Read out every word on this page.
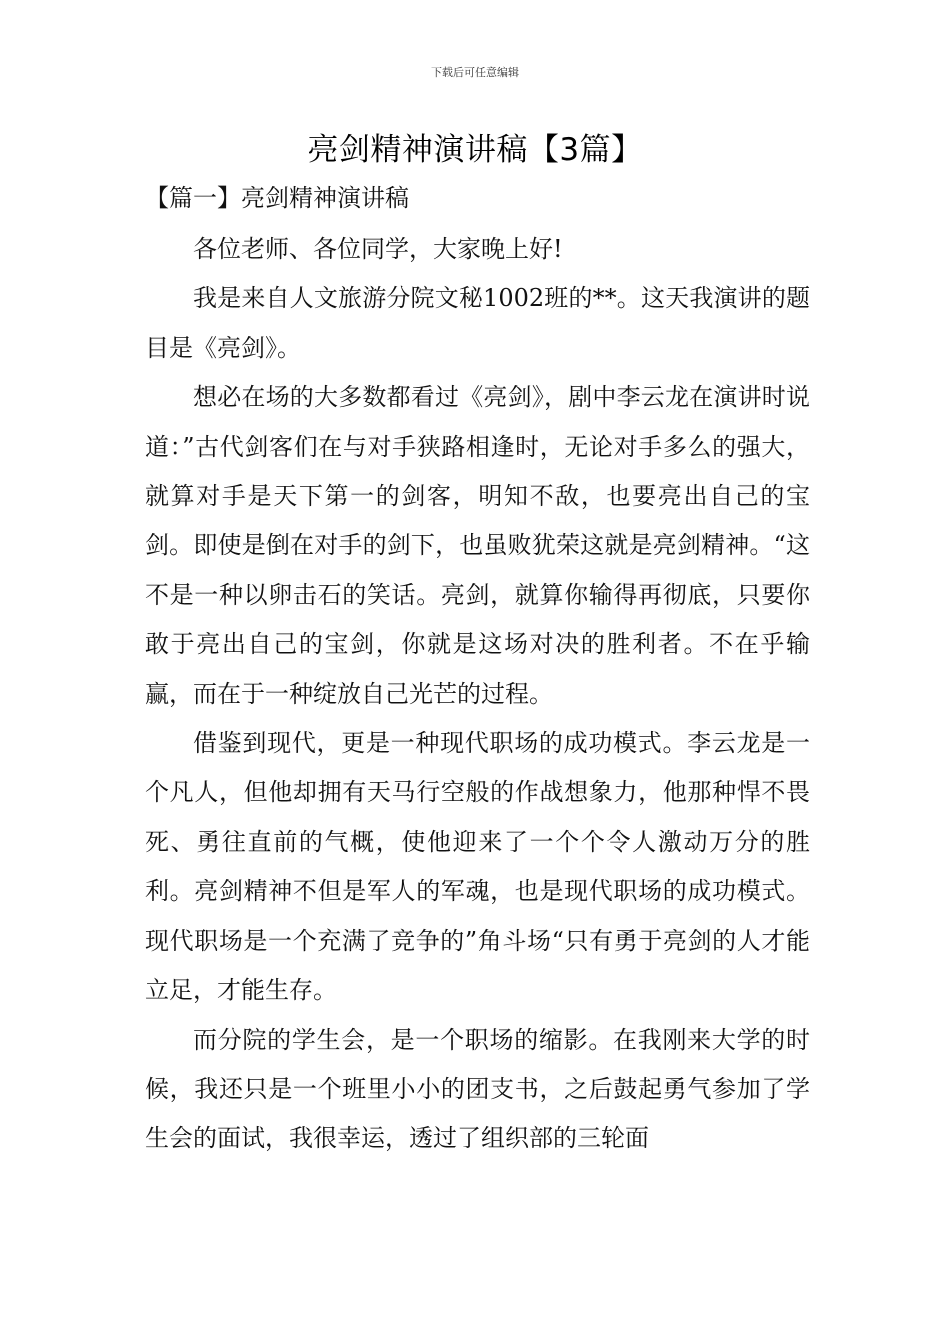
下载后可任意编辑
亮剑精神演讲稿【3篇】
【篇一】亮剑精神演讲稿

各位老师、各位同学，大家晚上好!

我是来自人文旅游分院文秘1002班的**。这天我演讲的题目是《亮剑》。

想必在场的大多数都看过《亮剑》，剧中李云龙在演讲时说道：”古代剑客们在与对手狭路相逢时，无论对手多么的强大，就算对手是天下第一的剑客，明知不敌，也要亮出自己的宝剑。即使是倒在对手的剑下，也虽败犹荣这就是亮剑精神。“这不是一种以卵击石的笑话。亮剑，就算你输得再彻底，只要你敢于亮出自己的宝剑，你就是这场对决的胜利者。不在乎输赢，而在于一种绽放自己光芒的过程。

借鉴到现代，更是一种现代职场的成功模式。李云龙是一个凡人，但他却拥有天马行空般的作战想象力，他那种悍不畏死、勇往直前的气概，使他迎来了一个个令人激动万分的胜利。亮剑精神不但是军人的军魂，也是现代职场的成功模式。现代职场是一个充满了竞争的”角斗场“只有勇于亮剑的人才能立足，才能生存。

而分院的学生会，是一个职场的缩影。在我刚来大学的时候，我还只是一个班里小小的团支书，之后鼓起勇气参加了学生会的面试，我很幸运，透过了组织部的三轮面
